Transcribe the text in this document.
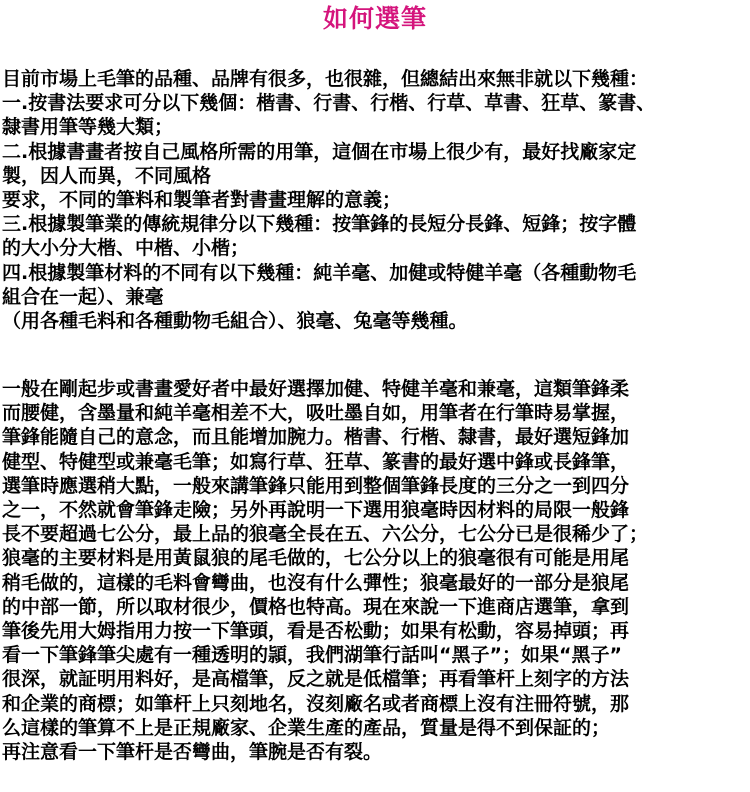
如何選筆
目前市場上毛筆的品種、品牌有很多，也很雜，但總結出來無非就以下幾種：
一.按書法要求可分以下幾個：楷書、行書、行楷、行草、草書、狂草、篆書、
隸書用筆等幾大類；
二.根據書畫者按自己風格所需的用筆，這個在市場上很少有，最好找廠家定
製，因人而異，不同風格
要求，不同的筆料和製筆者對書畫理解的意義；
三.根據製筆業的傳統規律分以下幾種：按筆鋒的長短分長鋒、短鋒；按字體
的大小分大楷、中楷、小楷；
四.根據製筆材料的不同有以下幾種：純羊毫、加健或特健羊毫（各種動物毛
組合在一起）、兼毫
（用各種毛料和各種動物毛組合）、狼毫、兔毫等幾種。
一般在剛起步或書畫愛好者中最好選擇加健、特健羊毫和兼毫，這類筆鋒柔
而腰健，含墨量和純羊毫相差不大，吸吐墨自如，用筆者在行筆時易掌握，
筆鋒能隨自己的意念，而且能增加腕力。楷書、行楷、隸書，最好選短鋒加
健型、特健型或兼毫毛筆；如寫行草、狂草、篆書的最好選中鋒或長鋒筆，
選筆時應選稍大點，一般來講筆鋒只能用到整個筆鋒長度的三分之一到四分
之一，不然就會筆鋒走險；另外再說明一下選用狼毫時因材料的局限一般鋒
長不要超過七公分，最上品的狼毫全長在五、六公分，七公分已是很稀少了；
狼毫的主要材料是用黃鼠狼的尾毛做的，七公分以上的狼毫很有可能是用尾
稍毛做的，這樣的毛料會彎曲，也沒有什么彈性；狼毫最好的一部分是狼尾
的中部一節，所以取材很少，價格也特高。現在來說一下進商店選筆，拿到
筆後先用大姆指用力按一下筆頭，看是否松動；如果有松動，容易掉頭；再
看一下筆鋒筆尖處有一種透明的頴，我們湖筆行話叫“黑子”；如果“黑子”
很深，就証明用料好，是高檔筆，反之就是低檔筆；再看筆杆上刻字的方法
和企業的商標；如筆杆上只刻地名，沒刻廠名或者商標上沒有注冊符號，那
么這樣的筆算不上是正規廠家、企業生產的產品，質量是得不到保証的；
再注意看一下筆杆是否彎曲，筆腕是否有裂。
